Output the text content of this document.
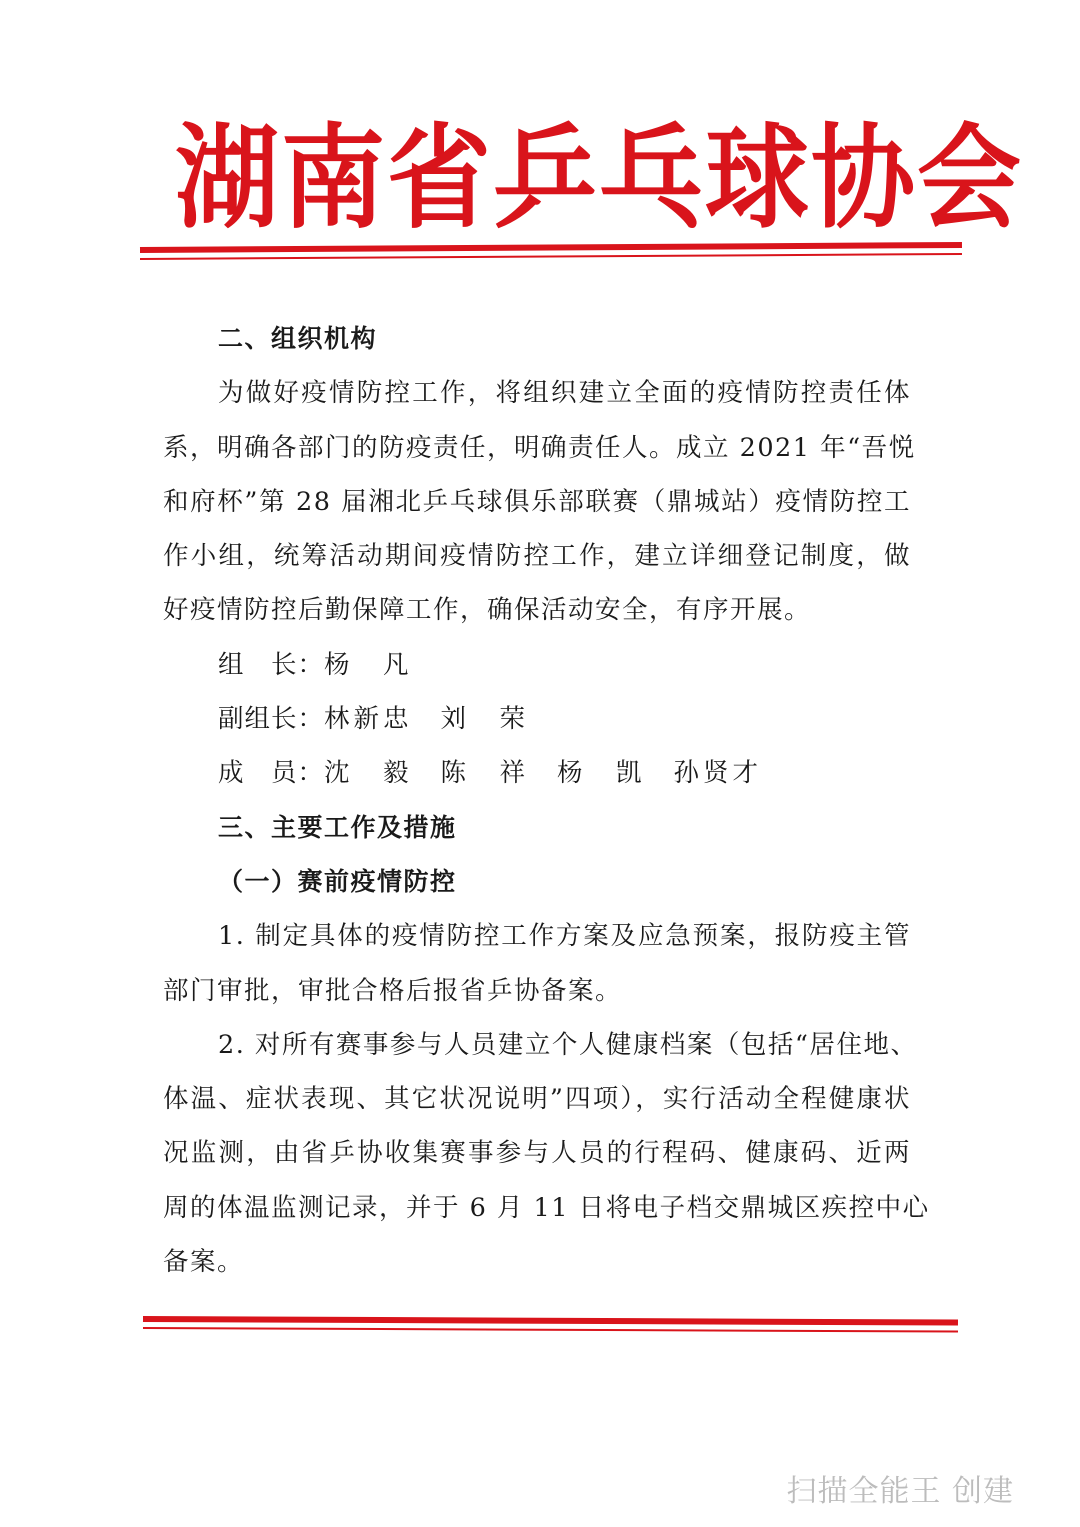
湖南省乒乓球协会
二、组织机构
为做好疫情防控工作，将组织建立全面的疫情防控责任体
系，明确各部门的防疫责任，明确责任人。成立 2021 年“吾悦
和府杯”第 28 届湘北乒乓球俱乐部联赛（鼎城站）疫情防控工
作小组，统筹活动期间疫情防控工作，建立详细登记制度，做
好疫情防控后勤保障工作，确保活动安全，有序开展。
组　长：杨　凡
副组长：林新忠 刘　荣
成　员：沈　毅 陈　祥 杨　凯 孙贤才
三、主要工作及措施
（一）赛前疫情防控
1. 制定具体的疫情防控工作方案及应急预案，报防疫主管
部门审批，审批合格后报省乒协备案。
2. 对所有赛事参与人员建立个人健康档案（包括“居住地、
体温、症状表现、其它状况说明”四项），实行活动全程健康状
况监测，由省乒协收集赛事参与人员的行程码、健康码、近两
周的体温监测记录，并于 6 月 11 日将电子档交鼎城区疾控中心
备案。
扫描全能王 创建
